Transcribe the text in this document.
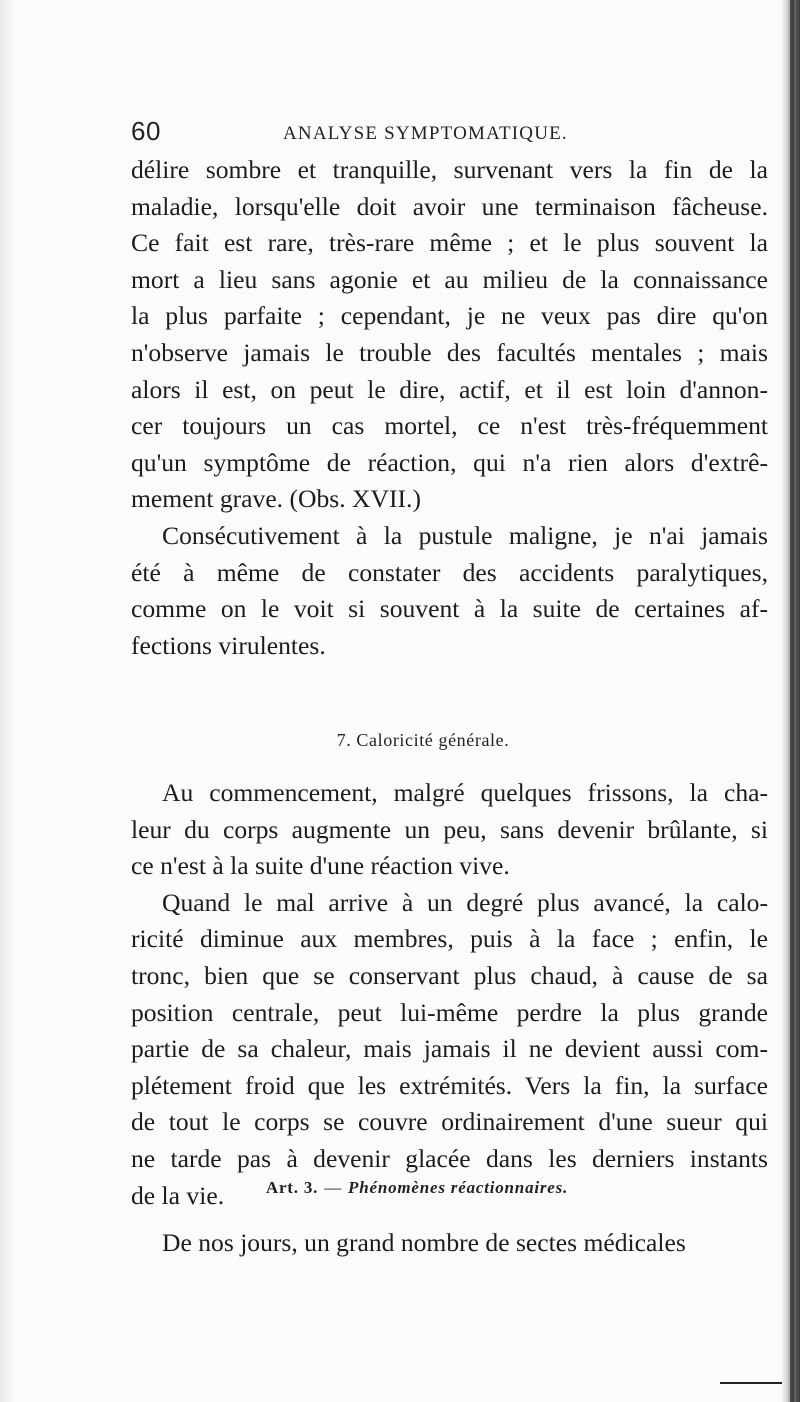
60	ANALYSE SYMPTOMATIQUE.
délire sombre et tranquille, survenant vers la fin de la
maladie, lorsqu'elle doit avoir une terminaison fâcheuse.
Ce fait est rare, très-rare même ; et le plus souvent la
mort a lieu sans agonie et au milieu de la connaissance
la plus parfaite ; cependant, je ne veux pas dire qu'on
n'observe jamais le trouble des facultés mentales ; mais
alors il est, on peut le dire, actif, et il est loin d'annon-
cer toujours un cas mortel, ce n'est très-fréquemment
qu'un symptôme de réaction, qui n'a rien alors d'extrê-
mement grave. (Obs. XVII.)
Consécutivement à la pustule maligne, je n'ai jamais
été à même de constater des accidents paralytiques,
comme on le voit si souvent à la suite de certaines af-
fections virulentes.
7. Caloricité générale.
Au commencement, malgré quelques frissons, la cha-
leur du corps augmente un peu, sans devenir brûlante, si
ce n'est à la suite d'une réaction vive.
Quand le mal arrive à un degré plus avancé, la calo-
ricité diminue aux membres, puis à la face ; enfin, le
tronc, bien que se conservant plus chaud, à cause de sa
position centrale, peut lui-même perdre la plus grande
partie de sa chaleur, mais jamais il ne devient aussi com-
plétement froid que les extrémités. Vers la fin, la surface
de tout le corps se couvre ordinairement d'une sueur qui
ne tarde pas à devenir glacée dans les derniers instants
de la vie.	Art. 3. — Phénomènes réactionnaires.
De nos jours, un grand nombre de sectes médicales
